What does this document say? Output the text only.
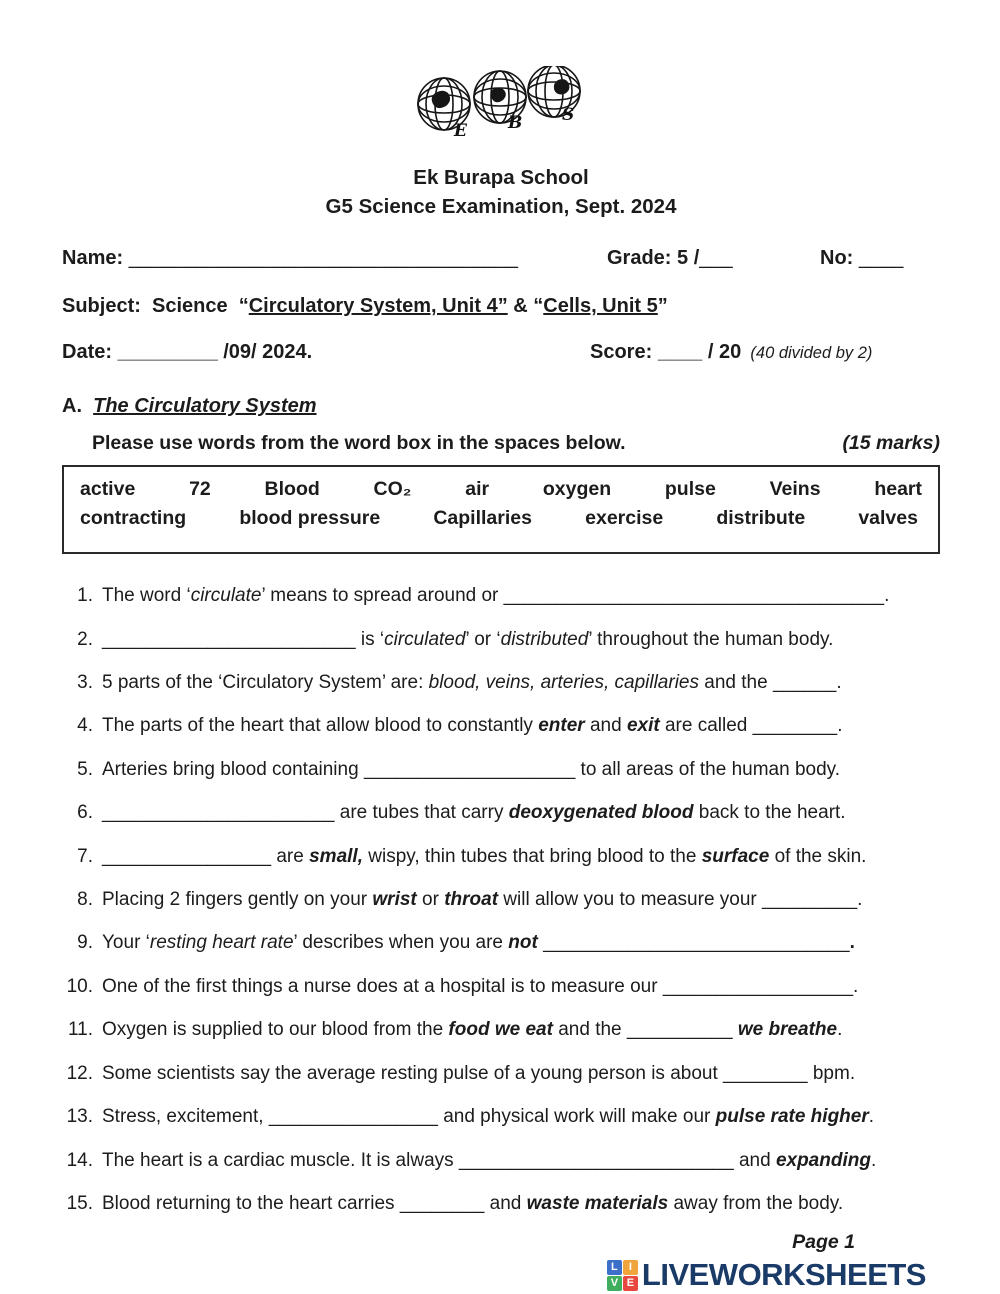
E B S
Ek Burapa School
G5 Science Examination, Sept. 2024
Name: ___________________________________	Grade: 5 /___	No: ____
Subject:  Science  “Circulatory System, Unit 4” & “Cells, Unit 5”
Date: _________ /09/ 2024.	Score: ____ / 20  (40 divided by 2)
A.  The Circulatory System
Please use words from the word box in the spaces below.	(15 marks)
active	72	Blood	CO₂	air	oxygen	pulse	Veins	heart
contracting	blood pressure	Capillaries	exercise	distribute	valves
1. The word ‘circulate’ means to spread around or ____________________________________.
2. ________________________ is ‘circulated’ or ‘distributed’ throughout the human body.
3. 5 parts of the ‘Circulatory System’ are: blood, veins, arteries, capillaries and the ______.
4. The parts of the heart that allow blood to constantly enter and exit are called ________.
5. Arteries bring blood containing ____________________ to all areas of the human body.
6. ______________________ are tubes that carry deoxygenated blood back to the heart.
7. ________________ are small, wispy, thin tubes that bring blood to the surface of the skin.
8. Placing 2 fingers gently on your wrist or throat will allow you to measure your _________.
9. Your ‘resting heart rate’ describes when you are not _____________________________.
10. One of the first things a nurse does at a hospital is to measure our __________________.
11. Oxygen is supplied to our blood from the food we eat and the __________ we breathe.
12. Some scientists say the average resting pulse of a young person is about ________ bpm.
13. Stress, excitement, ________________ and physical work will make our pulse rate higher.
14. The heart is a cardiac muscle. It is always __________________________ and expanding.
15. Blood returning to the heart carries ________ and waste materials away from the body.
Page 1
L	I
V E LIVEWORKSHEETS
